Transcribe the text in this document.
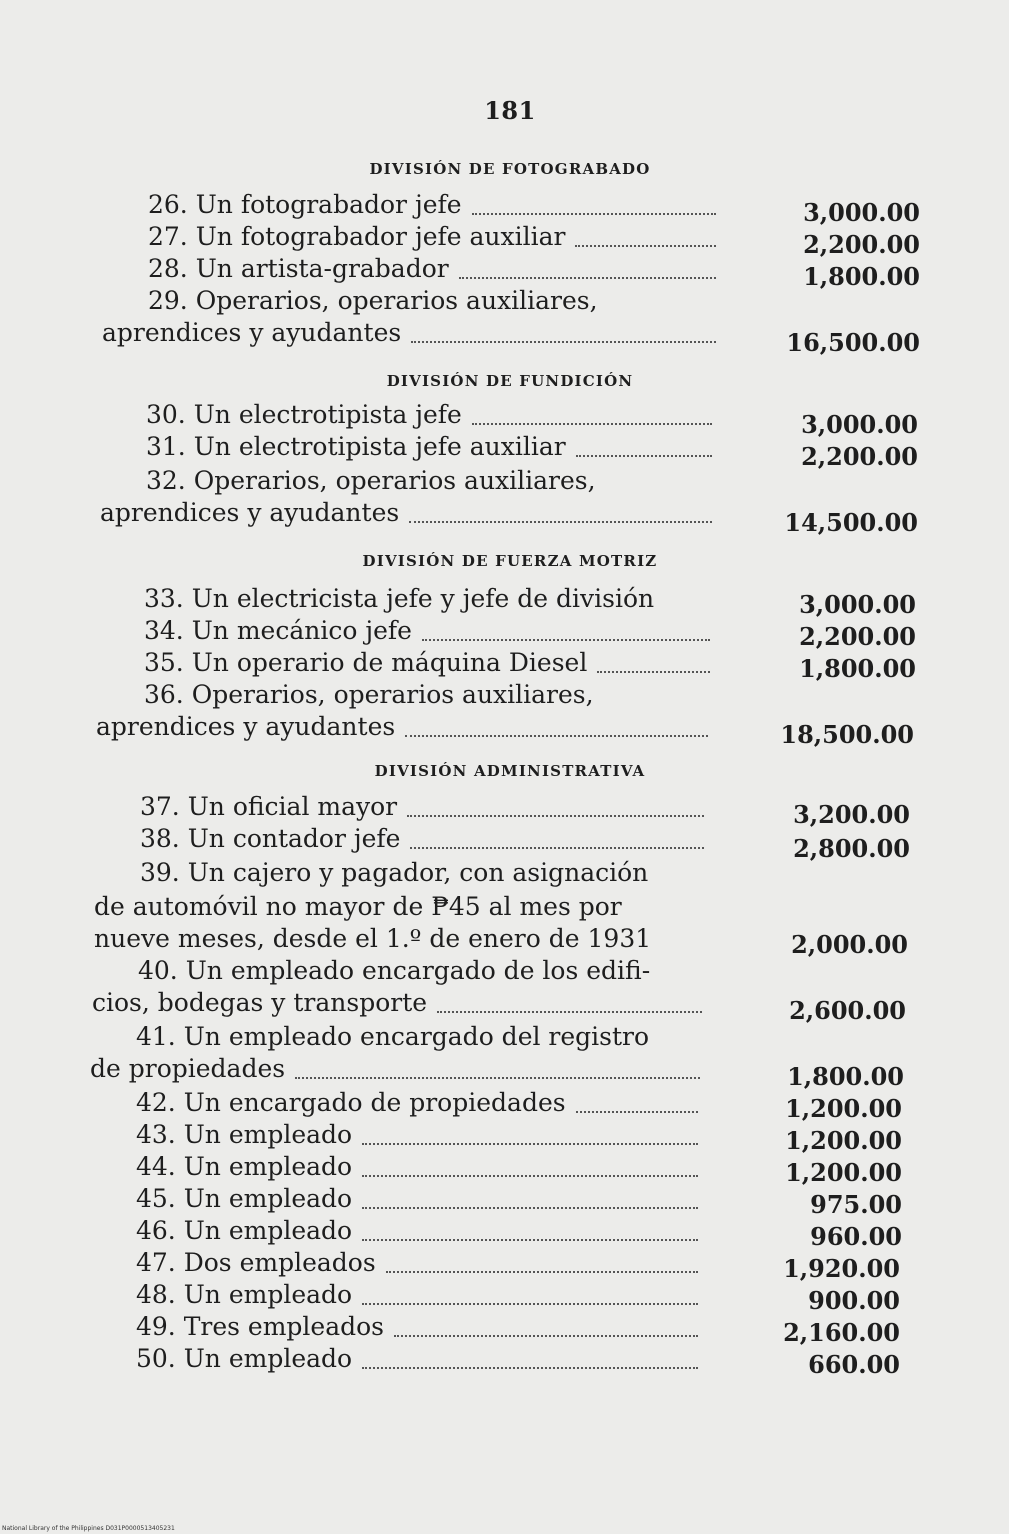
181
DIVISIÓN DE FOTOGRABADO
26. Un fotograbador jefe	3,000.00
27. Un fotograbador jefe auxiliar	2,200.00
28. Un artista-grabador	1,800.00
29. Operarios, operarios auxiliares,
aprendices y ayudantes	16,500.00
DIVISIÓN DE FUNDICIÓN
30. Un electrotipista jefe	3,000.00
31. Un electrotipista jefe auxiliar	2,200.00
32. Operarios, operarios auxiliares,
aprendices y ayudantes	14,500.00
DIVISIÓN DE FUERZA MOTRIZ
33. Un electricista jefe y jefe de división	3,000.00
34. Un mecánico jefe	2,200.00
35. Un operario de máquina Diesel	1,800.00
36. Operarios, operarios auxiliares,
aprendices y ayudantes	18,500.00
DIVISIÓN ADMINISTRATIVA
37. Un oficial mayor	3,200.00
38. Un contador jefe	2,800.00
39. Un cajero y pagador, con asignación
de automóvil no mayor de ₱45 al mes por
nueve meses, desde el 1.º de enero de 1931	2,000.00
40. Un empleado encargado de los edifi-
cios, bodegas y transporte	2,600.00
41. Un empleado encargado del registro
de propiedades	1,800.00
42. Un encargado de propiedades	1,200.00
43. Un empleado	1,200.00
44. Un empleado	1,200.00
45. Un empleado	975.00
46. Un empleado	960.00
47. Dos empleados	1,920.00
48. Un empleado	900.00
49. Tres empleados	2,160.00
50. Un empleado	660.00
National Library of the Philippines D031P0000513405231
